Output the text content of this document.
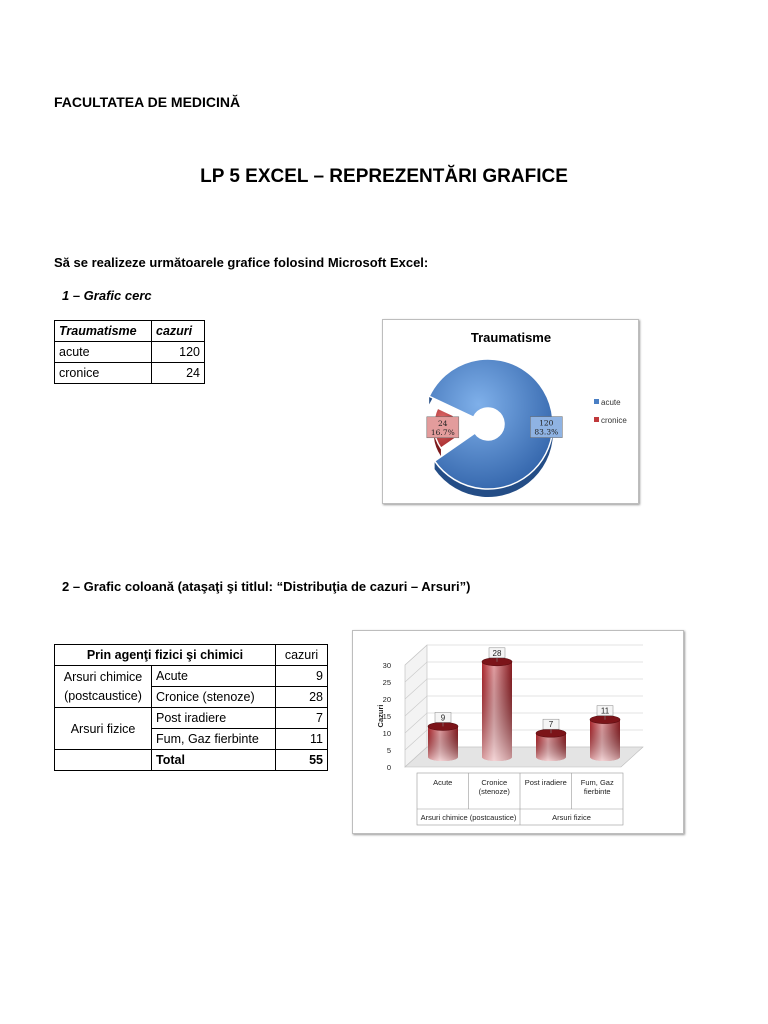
FACULTATEA DE MEDICINĂ
LP 5 EXCEL – REPREZENTĂRI GRAFICE
Să se realizeze următoarele grafice folosind Microsoft Excel:
1 – Grafic cerc
Traumatisme	cazuri
acute	120
cronice	24
Traumatisme
120
83.3%
24
16.7%
acute
cronice
2 – Grafic coloană (ataşaţi şi titlul: “Distribuţia de cazuri – Arsuri”)
Prin agenţi fizici şi chimici		cazuri
Arsuri chimice (postcaustice)	Acute	9
	Cronice (stenoze)	28
Arsuri fizice	Post iradiere	7
	Fum, Gaz fierbinte	11
	Total	55
9
28
7
11
0
5
10
15
20
25
30
Cazuri
Acute	Cronice
(stenoze)
Post iradiere Fum, Gaz
fierbinte
Arsuri chimice (postcaustice)	Arsuri fizice
